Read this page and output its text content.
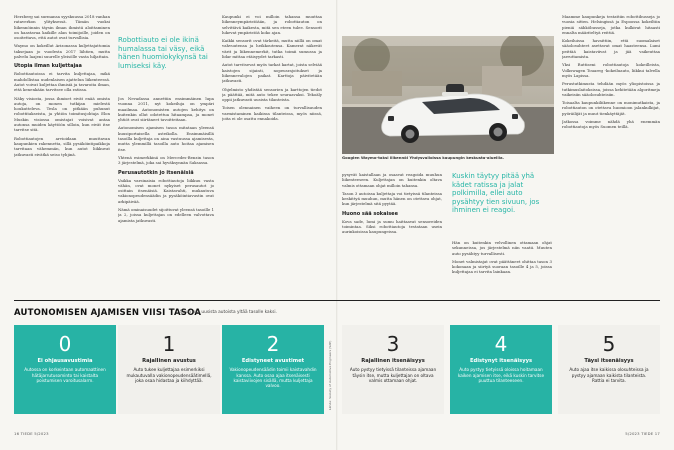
Herzberg sai surmansa syyskuussa 2018 vanhan rataverkon ylityksessä. Tämän vuoksi liikennöinnin täysin ilman ihmistä aloittaminen on haastavaa kaikille alan toimijoille, joiden on osoitettava, että autot ovat turvallisia.

Waymo on kokeillut Arizonassa kuljettajattomia taksejaan jo vuodesta 2017 lähtien, mutta palvelu laajeni suurelle yleisölle vasta hiljattain.

Utopia ilman kuljettajaa

Robottiautoissa ei tarvita kuljettajaa, mikä mahdollistaa uudenlaisen ajattelun liikenteessä. Autot voivat kuljettaa ihmisiä ja tavaroita ilman, että kenenkään tarvitsee olla ratissa.

Näky visiosta, jossa ihmiset eivät enää omista autoja, on monen tutkijan mielestä houkutteleva. Tesla on pitkään puhunut robottitakseista, ja yhtiön toimitusjohtaja Elon Muskin visiossa omistajat voisivat antaa autonsa muiden käyttöön silloin, kun eivät itse tarvitse sitä.

Robottiautojen arvioidaan muuttavan kaupunkien rakennetta, sillä pysäköintipaikkoja tarvitaan vähemmän, kun autot liikkuvat jatkuvasti eivätkä seiso tyhjinä.

Robottiauto ei ole ikinä humalassa tai väsy, eikä hänen huomiokykynsä tai lumiseksi käy.

Jos Nevadassa annettiin ensimmäinen lupa vuonna 2011, nyt kokeiluja on ympäri maailmaa. Autonomisten autojen kehitys on kuitenkin ollut odotettua hitaampaa, ja monet yhtiöt ovat siirtäneet tavoitteitaan.

Autonomisen ajamisen tasoa mitataan yleensä kuusiportaisella asteikolla. Ensimmäisillä tasoilla kuljettaja on aina vastuussa ajamisesta, mutta ylemmillä tasoilla auto hoitaa ajamisen itse.

Yhtenä esimerkkinä on Mercedes-Benzin tason 3 järjestelmä, joka sai hyväksynnän Saksassa.

Perusautotkin jo itsenäisiä

Vaikka varsinaisia robottiautoja liikkuu vasta vähän, ovat monet nykyiset perusautot jo osittain itsenäisiä. Kaistavahti, mukautuva vakionopeudensäädin ja pysäköintiavustin ovat arkipäivää.

Nämä ominaisuudet sijoittuvat yleensä tasoille 1 ja 2, joissa kuljettajan on edelleen valvottava ajamista jatkuvasti.

Kaupunki ei voi milloin tahansa muuttaa liikenneympäristöään, ja robottiauton on selvittävä kaikesta, mitä sen eteen tulee. Sensorit lukevat ympäristöä koko ajan.

Kaikki sensorit ovat tärkeitä, mutta niillä on omat vahvuutensa ja heikkoutensa. Kamerat näkevät värit ja liikennemerkit, tutka toimii sumussa ja lidar mittaa etäisyydet tarkasti.

Autot tarvitsevat myös tarkat kartat, joista selviää kaistojen sijainti, nopeusrajoitukset ja liikennevalojen paikat. Karttoja päivitetään jatkuvasti.

Ohjelmisto yhdistää sensorien ja karttojen tiedot ja päättää, mitä auto tekee seuraavaksi. Tekoäly oppii jatkuvasti uusista tilanteista.

Toisen olennainen vaiheen on turvallisuuden varmistaminen kaikissa tilanteissa, myös niissä, joita ei ole osattu ennakoida.

Googlen Waymo-taksi liikennöi Yhdysvalloissa kaupungin keskusta-alueilla.

pysyvät kaistallaan ja osaavat reagoida muuhun liikenteeseen. Kuljettajan on kuitenkin oltava valmis ottamaan ohjat milloin tahansa.

Tason 3 autoissa kuljettaja voi tietyissä tilanteissa keskittyä muuhun, mutta hänen on otettava ohjat, kun järjestelmä sitä pyytää.

Huono sää sokaisee

Kova sade, lumi ja sumu haittaavat sensoreiden toimintaa. Siksi robottiautoja testataan usein aurinkoisissa kaupungeissa.

Kuskin täytyy pitää yhä kädet ratissa ja jalat polkimilla, ellei auto pysähtyy tien sivuun, jos ihminen ei reagoi.

Hän on kuitenkin velvollinen ottamaan ohjat sekunneissa, jos järjestelmä niin vaatii. Muuten auto pysähtyy turvallisesti.

Monet valmistajat ovat päättäneet ohittaa tason 3 kokonaan ja siirtyä suoraan tasoille 4 ja 5, joissa kuljettajaa ei tarvita lainkaan.

Maamme kaupunkeja testattiin robottibusseja jo vuosia sitten. Helsingissä ja Espoossa kokeiltiin pieniä sähköbusseja, jotka kulkivat hitaasti ennalta määriteltyä reittiä.

Kokeiluissa havaittiin, että suomalaiset sääolosuhteet asettavat omat haasteensa. Lumi peittää kaistaviivat ja jää vaikeuttaa jarruttamista.

Yksi Ruttiseni robottiautoja kokeilleista, Volkswagen Touareg -kokeiluauto, liikkui talvella myös Lapissa.

Perustutkimusta tehdään myös yliopistoissa ja tutkimuslaitoksissa, joissa kehitetään algoritmeja vaikeisiin sääolosuhteisiin.

Toisaalta kaupunkiliikenne on monimutkaista, ja robottiauton on otettava huomioon jalankulkijat, pyöräilijät ja muut tienkäyttäjät.

Jatkossa voimme nähdä yhä enemmän robottiautoja myös Suomen teillä.

AUTONOMISEN AJAMISEN VIISI TASOA
Suuri osa uusista autoista yltää tasolle kaksi.
0
Ei ohjausavustimia
Autossa on korkeintaan automaattinen hätäjarrutusominto tai kaistalta poistumisen varoitusalarm.
1
Rajallinen avustus
Auto tukee kuljettajaa esimerkiksi mukautuvalla vakionopeudensäätimellä, joka osaa hidastaa ja kiihdyttää.
2
Edistyneet avustimet
Vakionopeudensäädin toimii kaistavahdin kanssa. Auto osaa ajaa itsenäisesti kaistaviivojen sisällä, mutta kuljettaja valvoo.	Lähde: Society of Automotive Engineers (SAE)	3
Rajallinen itsenäisyys
Auto pystyy tietyissä tilanteissa ajamaan täysin itse, mutta kuljettajan on oltava valmis ottamaan ohjat.
4
Edistynyt itsenäisyys
Auto pystyy tietyissä oloissa hoitamaan kaiken ajamisen itse, eikä kuskin tarvitse puuttua tilanteeseen.
5
Täysi itsenäisyys
Auto ajaa itse kaikissa olosuhteissa ja pystyy ajamaan kaikista tilanteista. Rattia ei tarvita.
16 TIEDE 5/2023	5/2023 TIEDE 17
